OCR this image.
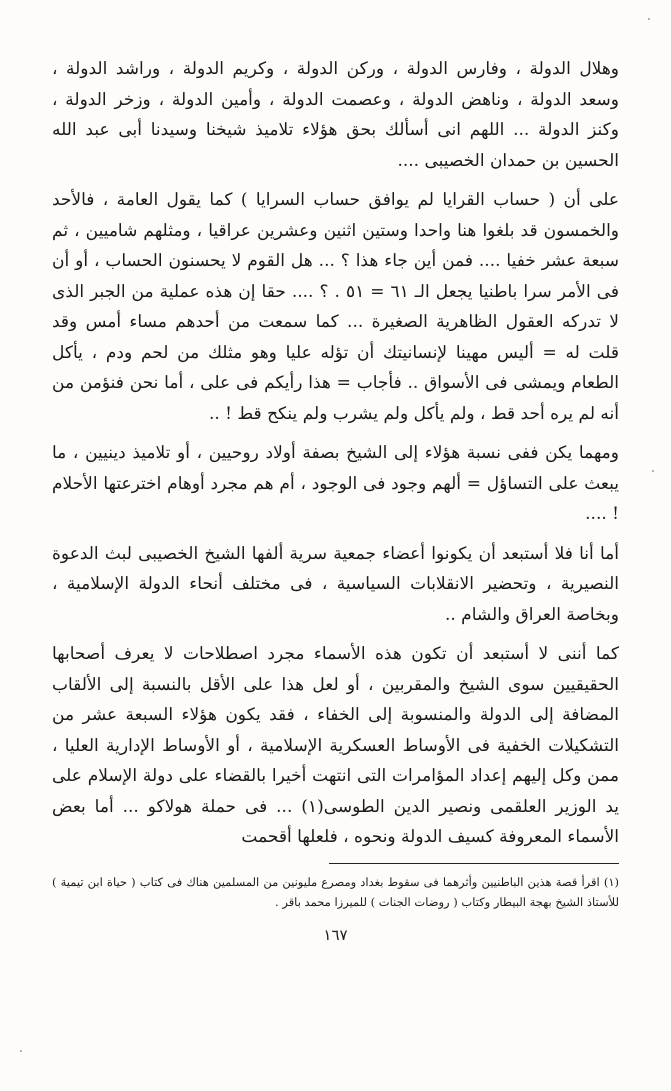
وهلال الدولة ، وفارس الدولة ، وركن الدولة ، وكريم الدولة ، وراشد الدولة ، وسعد الدولة ، وناهض الدولة ، وعصمت الدولة ، وأمين الدولة ، وزخر الدولة ، وكنز الدولة ... اللهم انى أسألك بحق هؤلاء تلاميذ شيخنا وسيدنا أبى عبد الله الحسين بن حمدان الخصيبى ....

على أن ( حساب القرايا لم يوافق حساب السرايا ) كما يقول العامة ، فالأحد والخمسون قد بلغوا هنا واحدا وستين اثنين وعشرين عراقيا ، ومثلهم شاميين ، ثم سبعة عشر خفيا .... فمن أين جاء هذا ؟ ... هل القوم لا يحسنون الحساب ، أو أن فى الأمر سرا باطنيا يجعل الـ ٦١ = ٥١ . ؟ .... حقا إن هذه عملية من الجبر الذى لا تدركه العقول الظاهرية الصغيرة ... كما سمعت من أحدهم مساء أمس وقد قلت له = أليس مهينا لإنسانيتك أن تؤله عليا وهو مثلك من لحم ودم ، يأكل الطعام ويمشى فى الأسواق .. فأجاب = هذا رأيكم فى على ، أما نحن فنؤمن من أنه لم يره أحد قط ، ولم يأكل ولم يشرب ولم ينكح قط ! ..

ومهما يكن ففى نسبة هؤلاء إلى الشيخ بصفة أولاد روحيين ، أو تلاميذ دينيين ، ما يبعث على التساؤل = ألهم وجود فى الوجود ، أم هم مجرد أوهام اخترعتها الأحلام ! ....

أما أنا فلا أستبعد أن يكونوا أعضاء جمعية سرية ألفها الشيخ الخصيبى لبث الدعوة النصيرية ، وتحضير الانقلابات السياسية ، فى مختلف أنحاء الدولة الإسلامية ، وبخاصة العراق والشام ..

كما أننى لا أستبعد أن تكون هذه الأسماء مجرد اصطلاحات لا يعرف أصحابها الحقيقيين سوى الشيخ والمقربين ، أو لعل هذا على الأقل بالنسبة إلى الألقاب المضافة إلى الدولة والمنسوبة إلى الخفاء ، فقد يكون هؤلاء السبعة عشر من التشكيلات الخفية فى الأوساط العسكرية الإسلامية ، أو الأوساط الإدارية العليا ، ممن وكل إليهم إعداد المؤامرات التى انتهت أخيرا بالقضاء على دولة الإسلام على يد الوزير العلقمى ونصير الدين الطوسى(١) ... فى حملة هولاكو ... أما بعض الأسماء المعروفة كسيف الدولة ونحوه ، فلعلها أقحمت

(١) اقرأ قصة هذين الباطنيين وأثرهما فى سقوط بغداد ومصرع مليونين من المسلمين هناك فى كتاب ( حياة ابن تيمية ) للأستاذ الشيخ بهجة البيطار وكتاب ( روضات الجنات ) للميرزا محمد باقر .

١٦٧
